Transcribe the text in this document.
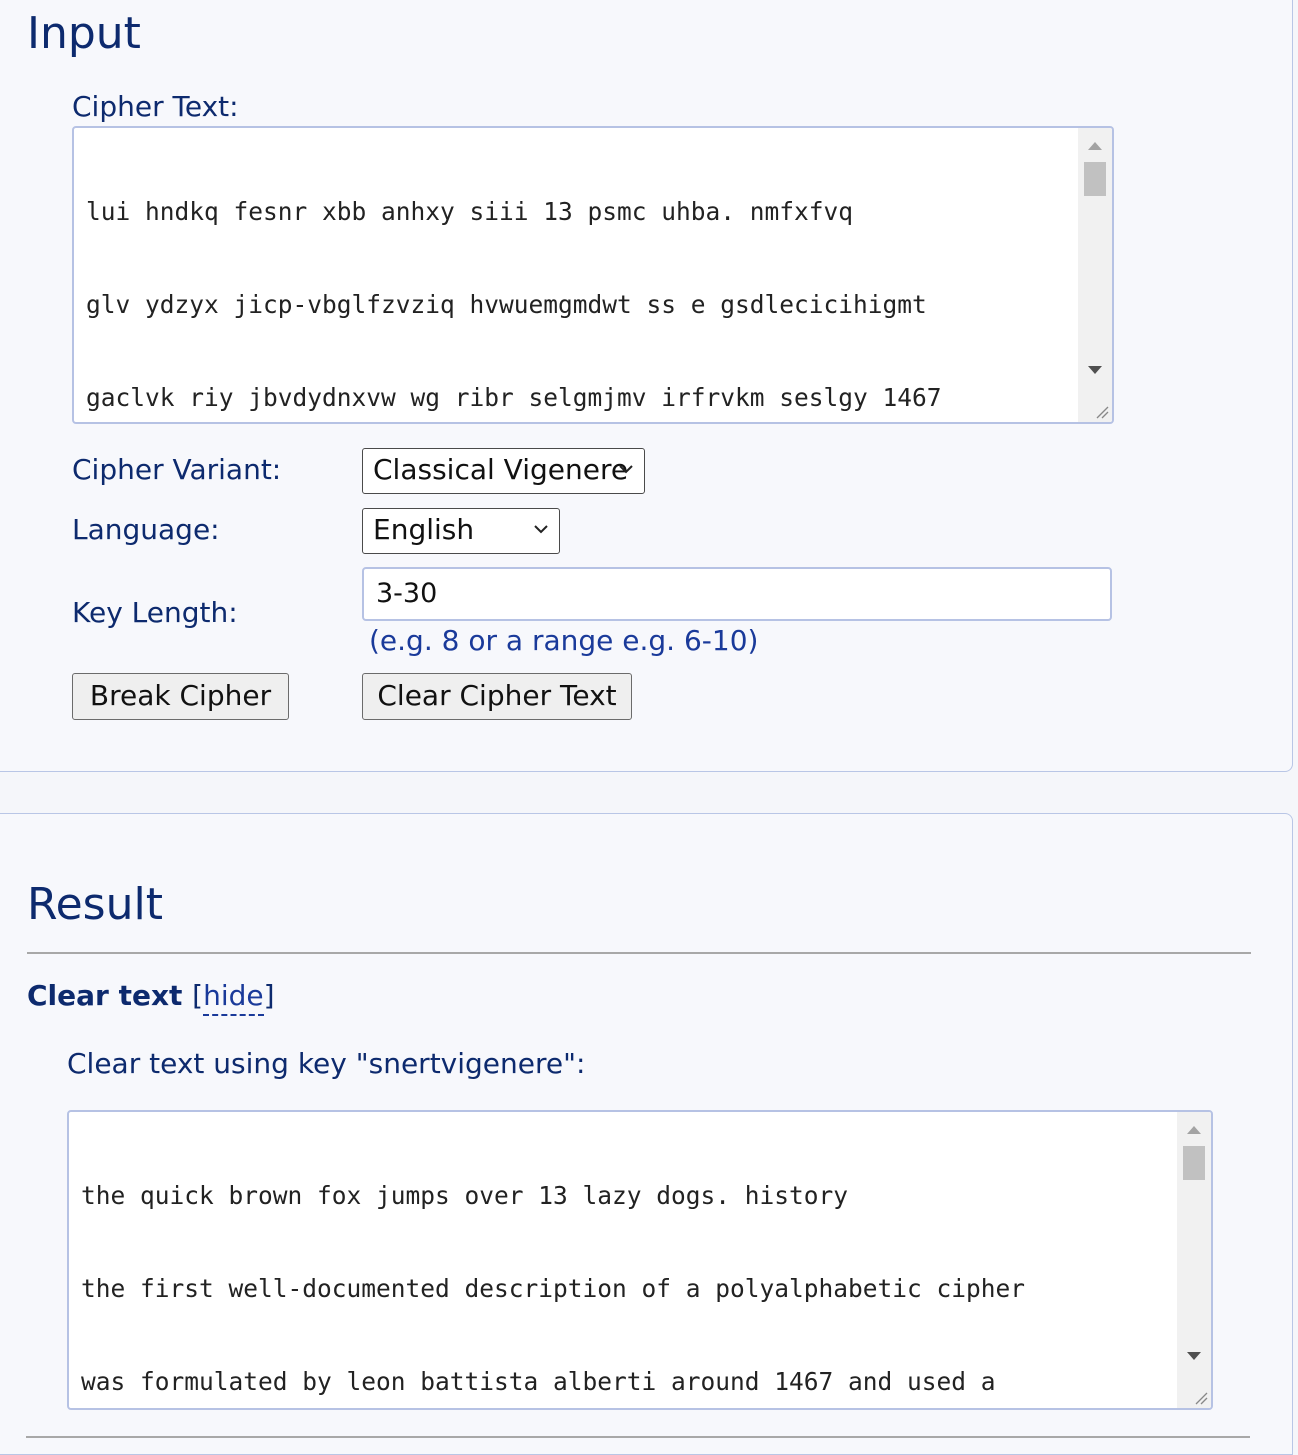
Input
Cipher Text:

lui hndkq fesnr xbb anhxy siii 13 psmc uhba. nmfxfvq

glv ydzyx jicp-vbglfzvziq hvwuemgmdwt ss e gsdlecicihigmt

gaclvk riy jbvdydnxvw wg ribr selgmjmv irfrvkm seslgy 1467

Cipher Variant:	Classical Vigenere
Language:	English
Key Length:
3-30
(e.g. 8 or a range e.g. 6-10)
Break Cipher	Clear Cipher Text
Result
Clear text [hide]
Clear text using key "snertvigenere":

the quick brown fox jumps over 13 lazy dogs. history

the first well-documented description of a polyalphabetic cipher

was formulated by leon battista alberti around 1467 and used a
